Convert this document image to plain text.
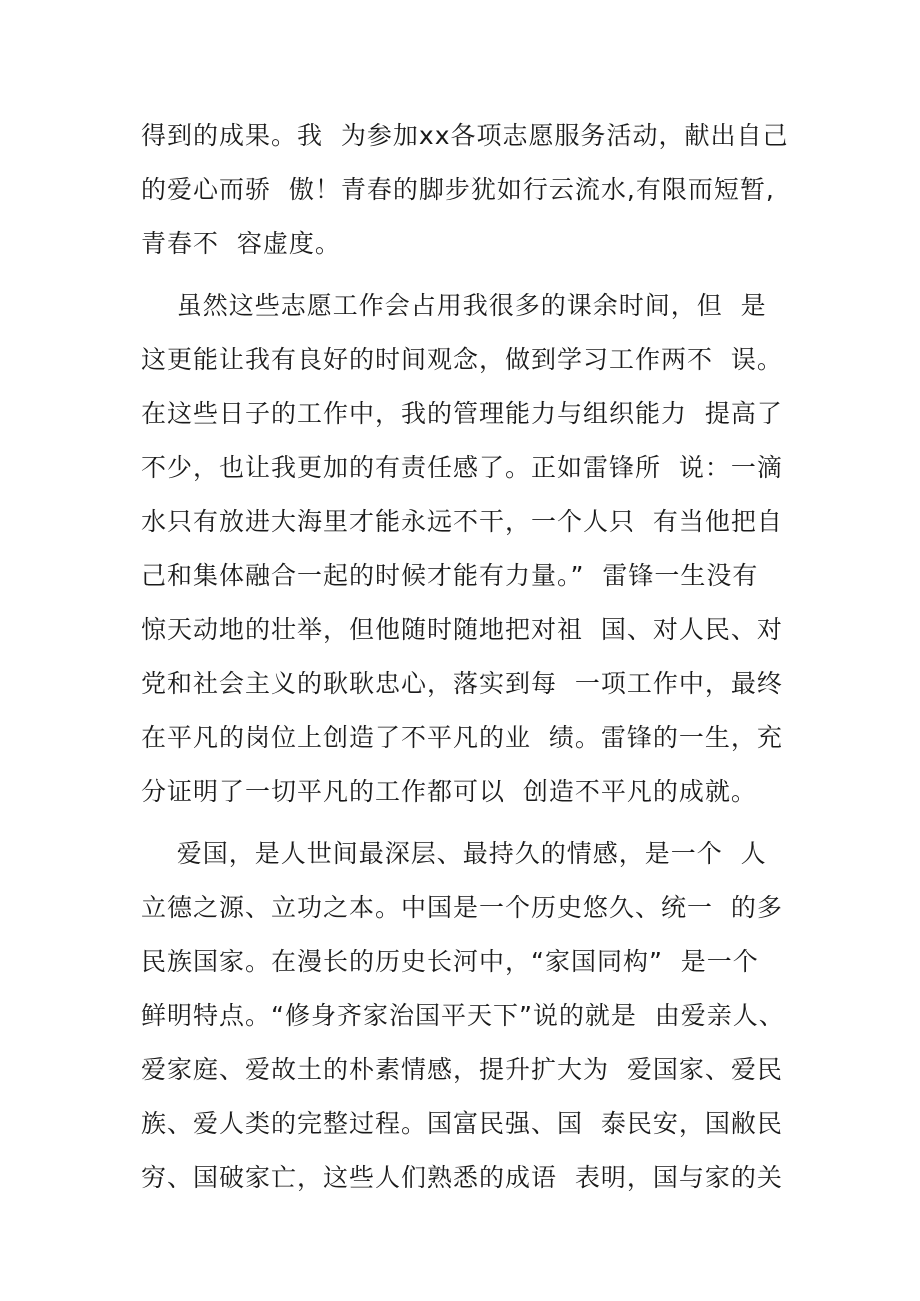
得到的成果。我  为参加xx各项志愿服务活动，献出自己
的爱心而骄  傲！青春的脚步犹如行云流水,有限而短暂,
青春不  容虚度。
虽然这些志愿工作会占用我很多的课余时间，但  是
这更能让我有良好的时间观念，做到学习工作两不  误。
在这些日子的工作中，我的管理能力与组织能力  提高了
不少，也让我更加的有责任感了。正如雷锋所  说：一滴
水只有放进大海里才能永远不干，一个人只  有当他把自
己和集体融合一起的时候才能有力量。”  雷锋一生没有
惊天动地的壮举，但他随时随地把对祖  国、对人民、对
党和社会主义的耿耿忠心，落实到每  一项工作中，最终
在平凡的岗位上创造了不平凡的业  绩。雷锋的一生，充
分证明了一切平凡的工作都可以  创造不平凡的成就。
爱国，是人世间最深层、最持久的情感，是一个  人
立德之源、立功之本。中国是一个历史悠久、统一  的多
民族国家。在漫长的历史长河中，“家国同构”  是一个
鲜明特点。“修身齐家治国平天下”说的就是  由爱亲人、
爱家庭、爱故土的朴素情感，提升扩大为  爱国家、爱民
族、爱人类的完整过程。国富民强、国  泰民安，国敝民
穷、国破家亡，这些人们熟悉的成语  表明，国与家的关
